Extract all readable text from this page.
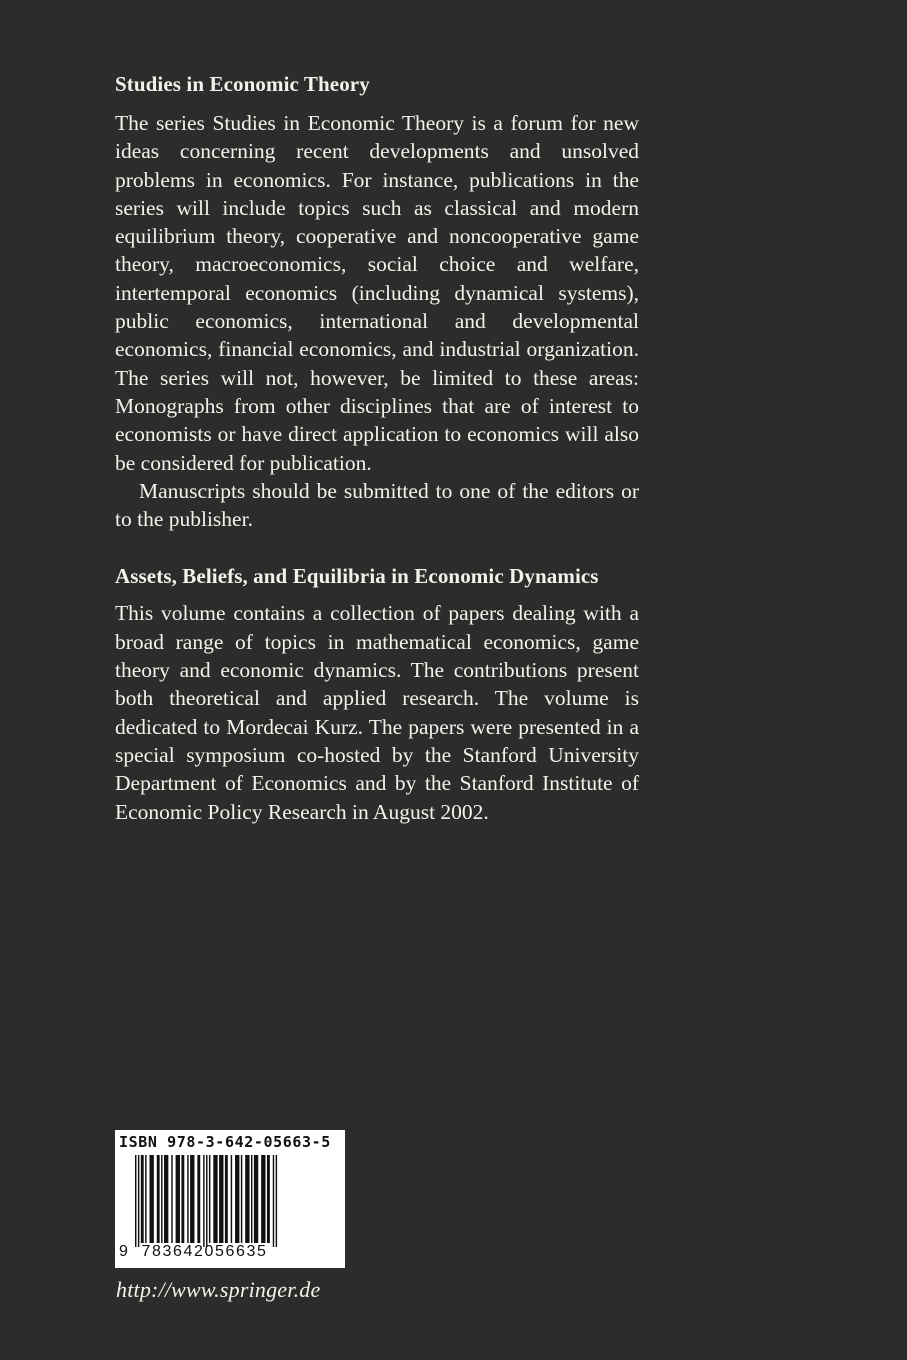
Studies in Economic Theory

The series Studies in Economic Theory is a forum for new ideas concerning recent developments and unsolved problems in economics. For instance, publications in the series will include topics such as classical and modern equilibrium theory, cooperative and noncooperative game theory, macroeconomics, social choice and welfare, intertemporal economics (including dynamical systems), public economics, international and developmental economics, financial economics, and industrial organization. The series will not, however, be limited to these areas: Monographs from other disciplines that are of interest to economists or have direct application to economics will also be considered for publication.

Manuscripts should be submitted to one of the editors or to the publisher.

Assets, Beliefs, and Equilibria in Economic Dynamics

This volume contains a collection of papers dealing with a broad range of topics in mathematical economics, game theory and economic dynamics. The contributions present both theoretical and applied research. The volume is dedicated to Mordecai Kurz. The papers were presented in a special symposium co-hosted by the Stanford University Department of Economics and by the Stanford Institute of Economic Policy Research in August 2002.

ISBN 978-3-642-05663-5
9 783642056635
http://www.springer.de
